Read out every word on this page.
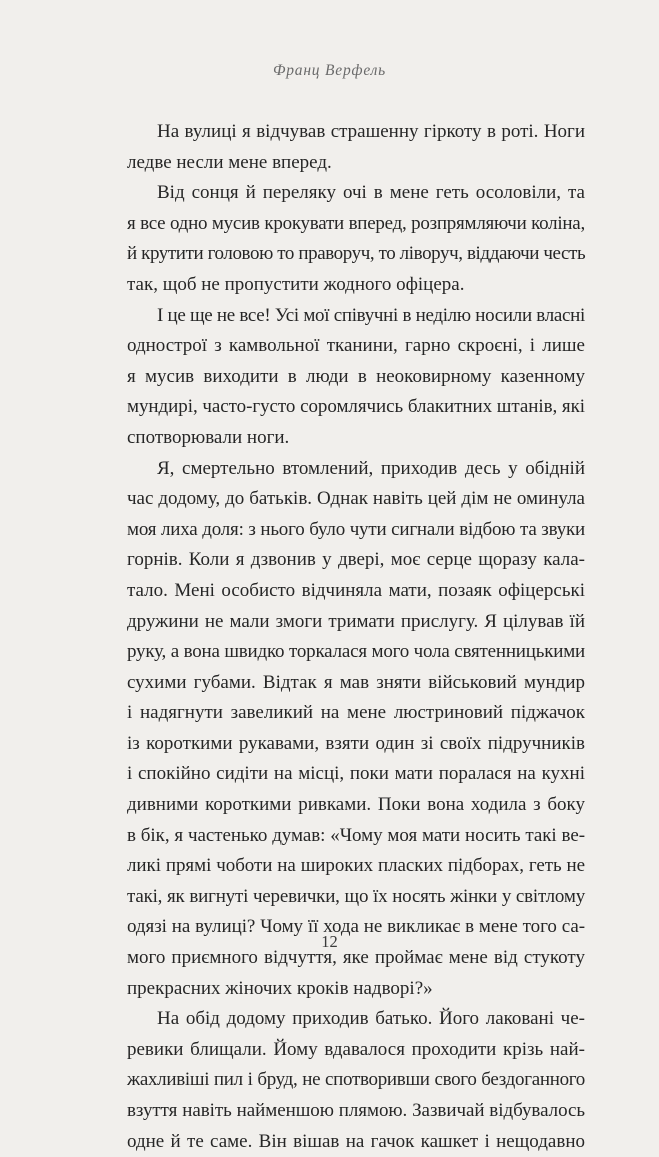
Франц Верфель
На вулиці я відчував страшенну гіркоту в роті. Ноги
ледве несли мене вперед.
Від сонця й переляку очі в мене геть осоловіли, та
я все одно мусив крокувати вперед, розпрямляючи коліна,
й крутити головою то праворуч, то ліворуч, віддаючи честь
так, щоб не пропустити жодного офіцера.
І це ще не все! Усі мої співучні в неділю носили власні
однострої з камвольної тканини, гарно скроєні, і лише
я мусив виходити в люди в неоковирному казенному
мундирі, часто-густо соромлячись блакитних штанів, які
спотворювали ноги.
Я, смертельно втомлений, приходив десь у обідній
час додому, до батьків. Однак навіть цей дім не оминула
моя лиха доля: з нього було чути сигнали відбою та звуки
горнів. Коли я дзвонив у двері, моє серце щоразу кала-
тало. Мені особисто відчиняла мати, позаяк офіцерські
дружини не мали змоги тримати прислугу. Я цілував їй
руку, а вона швидко торкалася мого чола святенницькими
сухими губами. Відтак я мав зняти військовий мундир
і надягнути завеликий на мене люстриновий піджачок
із короткими рукавами, взяти один зі своїх підручників
і спокійно сидіти на місці, поки мати поралася на кухні
дивними короткими ривками. Поки вона ходила з боку
в бік, я частенько думав: «Чому моя мати носить такі ве-
ликі прямі чоботи на широких пласких підборах, геть не
такі, як вигнуті черевички, що їх носять жінки у світлому
одязі на вулиці? Чому її хода не викликає в мене того са-
мого приємного відчуття, яке проймає мене від стукоту
прекрасних жіночих кроків надворі?»
На обід додому приходив батько. Його лаковані че-
ревики блищали. Йому вдавалося проходити крізь най-
жахливіші пил і бруд, не спотворивши свого бездоганного
взуття навіть найменшою плямою. Зазвичай відбувалось
одне й те саме. Він вішав на гачок кашкет і нещодавно
12
